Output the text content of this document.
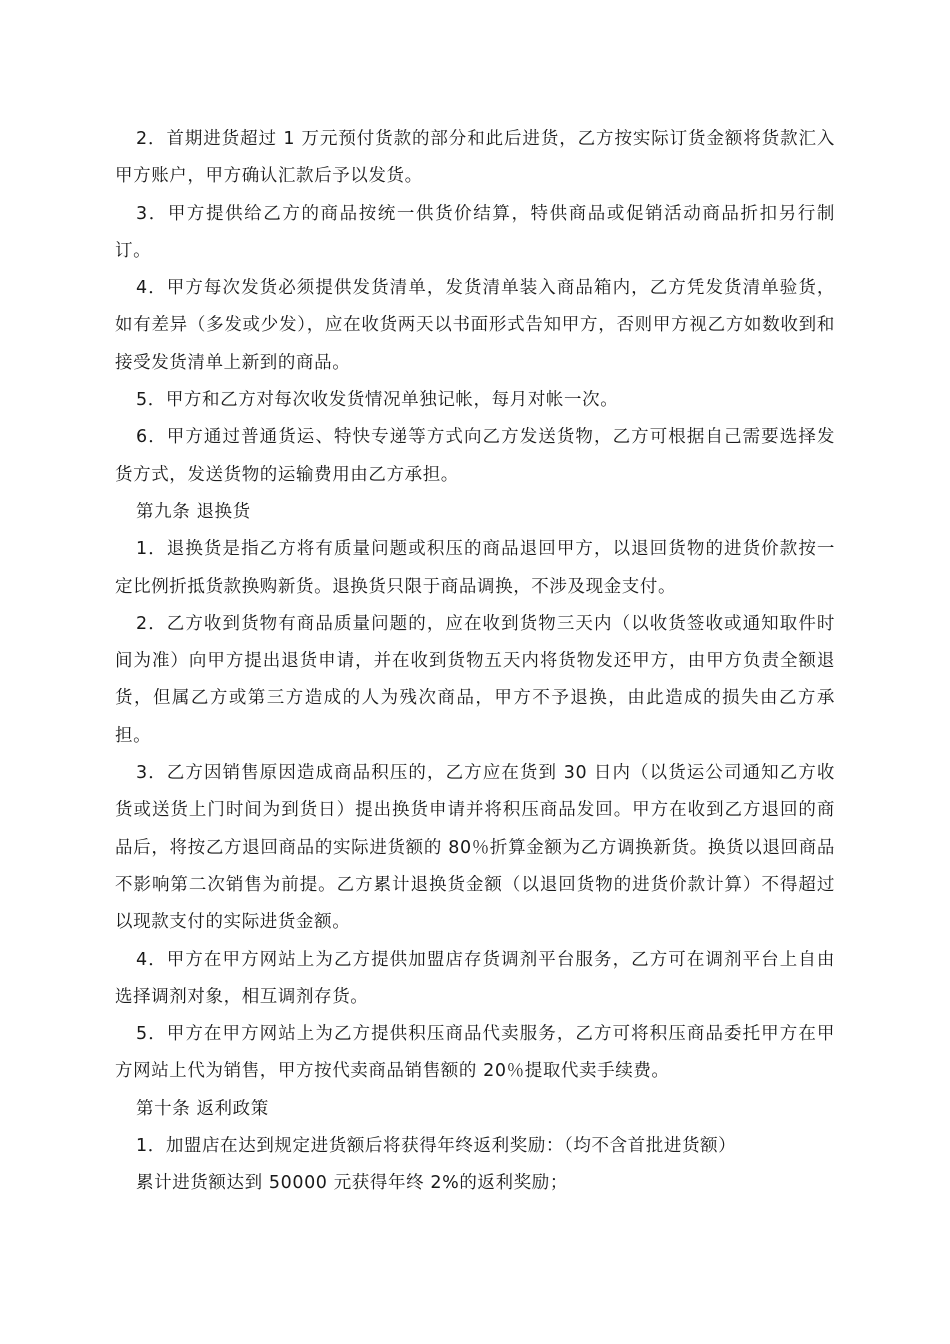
2．首期进货超过 1 万元预付货款的部分和此后进货，乙方按实际订货金额将货款汇入甲方账户，甲方确认汇款后予以发货。

3．甲方提供给乙方的商品按统一供货价结算，特供商品或促销活动商品折扣另行制订。

4．甲方每次发货必须提供发货清单，发货清单装入商品箱内，乙方凭发货清单验货，如有差异（多发或少发），应在收货两天以书面形式告知甲方，否则甲方视乙方如数收到和接受发货清单上新到的商品。

5．甲方和乙方对每次收发货情况单独记帐，每月对帐一次。

6．甲方通过普通货运、特快专递等方式向乙方发送货物，乙方可根据自己需要选择发货方式，发送货物的运输费用由乙方承担。

第九条 退换货

1．退换货是指乙方将有质量问题或积压的商品退回甲方，以退回货物的进货价款按一定比例折抵货款换购新货。退换货只限于商品调换，不涉及现金支付。

2．乙方收到货物有商品质量问题的，应在收到货物三天内（以收货签收或通知取件时间为准）向甲方提出退货申请，并在收到货物五天内将货物发还甲方，由甲方负责全额退货，但属乙方或第三方造成的人为残次商品，甲方不予退换，由此造成的损失由乙方承担。

3．乙方因销售原因造成商品积压的，乙方应在货到 30 日内（以货运公司通知乙方收货或送货上门时间为到货日）提出换货申请并将积压商品发回。甲方在收到乙方退回的商品后，将按乙方退回商品的实际进货额的 80％折算金额为乙方调换新货。换货以退回商品不影响第二次销售为前提。乙方累计退换货金额（以退回货物的进货价款计算）不得超过以现款支付的实际进货金额。

4．甲方在甲方网站上为乙方提供加盟店存货调剂平台服务，乙方可在调剂平台上自由选择调剂对象，相互调剂存货。

5．甲方在甲方网站上为乙方提供积压商品代卖服务，乙方可将积压商品委托甲方在甲方网站上代为销售，甲方按代卖商品销售额的 20％提取代卖手续费。

第十条 返利政策

1．加盟店在达到规定进货额后将获得年终返利奖励：（均不含首批进货额）

累计进货额达到 50000 元获得年终 2%的返利奖励；
